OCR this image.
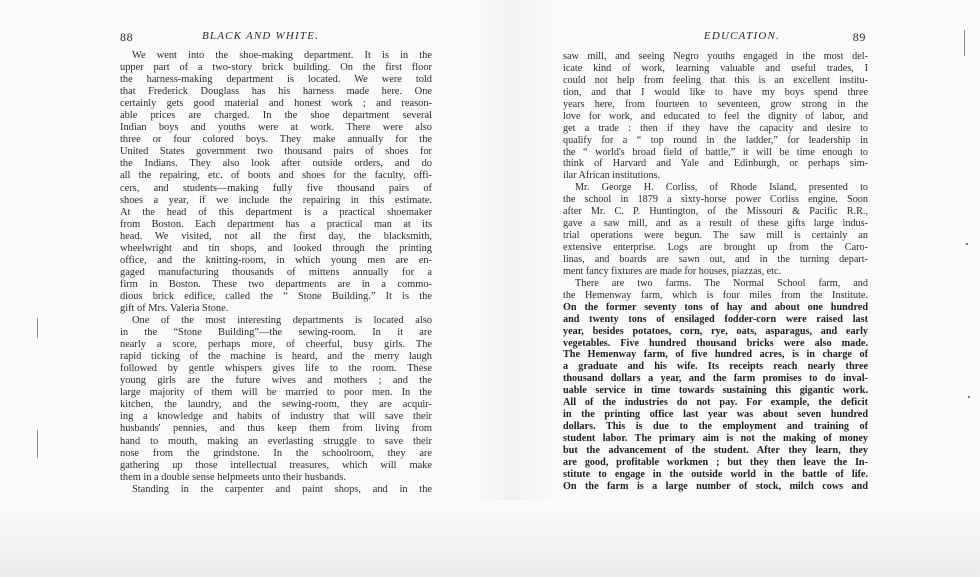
88	BLACK AND WHITE.
We went into the shoe-making department. It is in the
upper part of a two-story brick building. On the first floor
the harness-making department is located. We were told
that Frederick Douglass has his harness made here. One
certainly gets good material and honest work ; and reason-
able prices are charged. In the shoe department several
Indian boys and youths were at work. There were also
three or four colored boys. They make annually for the
United States government two thousand pairs of shoes for
the Indians. They also look after outside orders, and do
all the repairing, etc. of boots and shoes for the faculty, offi-
cers, and students—making fully five thousand pairs of
shoes a year, if we include the repairing in this estimate.
At the head of this department is a practical shoemaker
from Boston. Each department has a practical man at its
head. We visited, not all the first day, the blacksmith,
wheelwright and tin shops, and looked through the printing
office, and the knitting-room, in which young men are en-
gaged manufacturing thousands of mittens annually for a
firm in Boston. These two departments are in a commo-
dious brick edifice, called the “ Stone Building.” It is the
gift of Mrs. Valeria Stone.
One of the most interesting departments is located also
in the “Stone Building”—the sewing-room. In it are
nearly a score, perhaps more, of cheerful, busy girls. The
rapid ticking of the machine is heard, and the merry laugh
followed by gentle whispers gives life to the room. These
young girls are the future wives and mothers ; and the
large majority of them will be married to poor men. In the
kitchen, the laundry, and the sewing-room, they are acquir-
ing a knowledge and habits of industry that will save their
husbands' pennies, and thus keep them from living from
hand to mouth, making an everlasting struggle to save their
nose from the grindstone. In the schoolroom, they are
gathering up those intellectual treasures, which will make
them in a double sense helpmeets unto their husbands.
Standing in the carpenter and paint shops, and in the
EDUCATION.	89
saw mill, and seeing Negro youths engaged in the most del-
icate kind of work, learning valuable and useful trades, I
could not help from feeling that this is an excellent institu-
tion, and that I would like to have my boys spend three
years here, from fourteen to seventeen, grow strong in the
love for work, and educated to feel the dignity of labor, and
get a trade : then if they have the capacity and desire to
qualify for a “ top round in the ladder,” for leadership in
the “ world's broad field of battle,” it will be time enough to
think of Harvard and Yale and Edinburgh, or perhaps sim-
ilar African institutions.
Mr. George H. Corliss, of Rhode Island, presented to
the school in 1879 a sixty-horse power Corliss engine. Soon
after Mr. C. P. Huntington, of the Missouri & Pacific R.R.,
gave a saw mill, and as a result of these gifts large indus-
trial operations were begun. The saw mill is certainly an
extensive enterprise. Logs are brought up from the Caro-
linas, and boards are sawn out, and in the turning depart-
ment fancy fixtures are made for houses, piazzas, etc.
There are two farms. The Normal School farm, and
the Hemenway farm, which is four miles from the Institute.
On the former seventy tons of hay and about one hundred
and twenty tons of ensilaged fodder-corn were raised last
year, besides potatoes, corn, rye, oats, asparagus, and early
vegetables. Five hundred thousand bricks were also made.
The Hemenway farm, of five hundred acres, is in charge of
a graduate and his wife. Its receipts reach nearly three
thousand dollars a year, and the farm promises to do inval-
uable service in time towards sustaining this gigantic work.
All of the industries do not pay. For example, the deficit
in the printing office last year was about seven hundred
dollars. This is due to the employment and training of
student labor. The primary aim is not the making of money
but the advancement of the student. After they learn, they
are good, profitable workmen ; but they then leave the In-
stitute to engage in the outside world in the battle of life.
On the farm is a large number of stock, milch cows and
